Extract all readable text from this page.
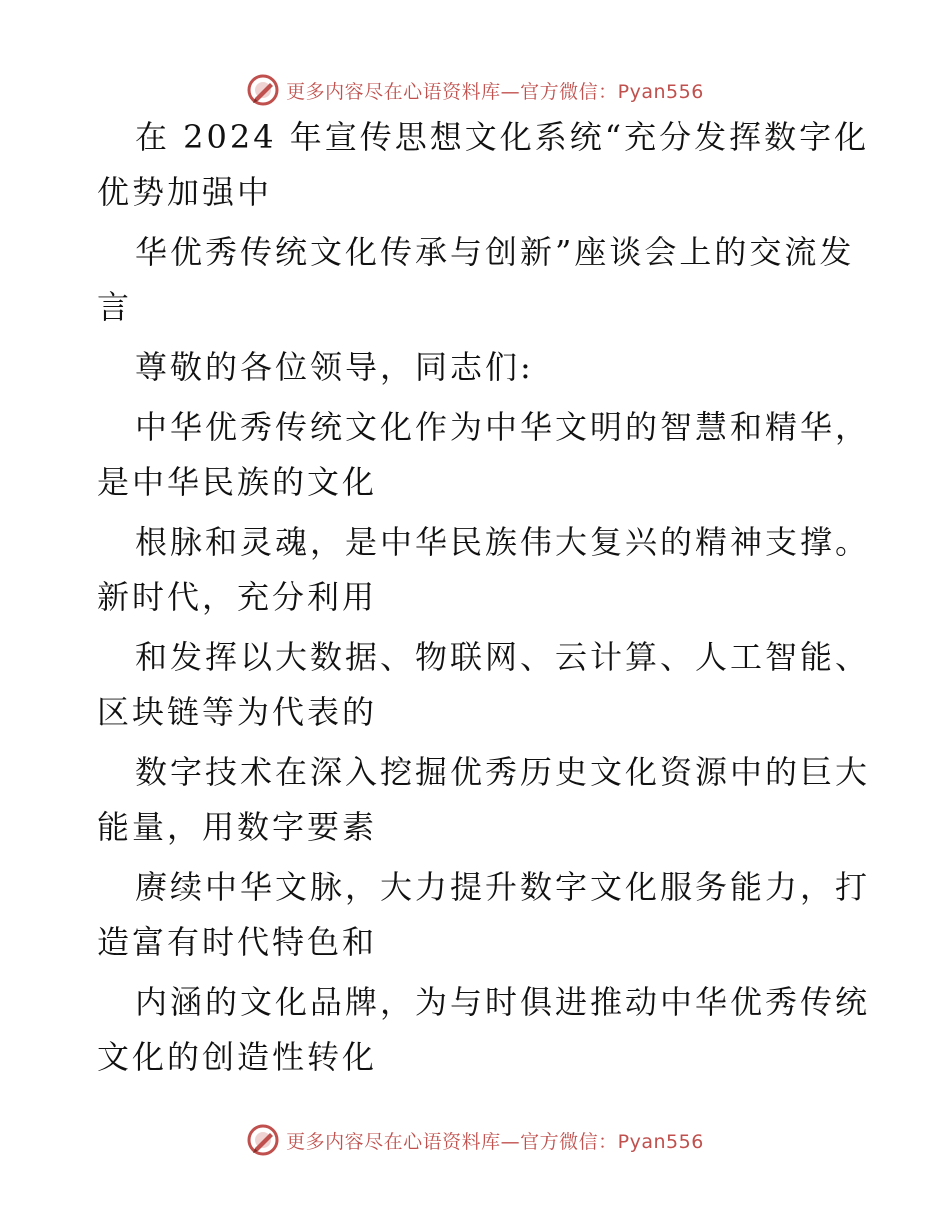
更多内容尽在心语资料库—官方微信：Pyan556

在 2024 年宣传思想文化系统“充分发挥数字化

优势加强中

华优秀传统文化传承与创新”座谈会上的交流发

言

尊敬的各位领导，同志们:

中华优秀传统文化作为中华文明的智慧和精华，

是中华民族的文化

根脉和灵魂，是中华民族伟大复兴的精神支撑。

新时代，充分利用

和发挥以大数据、物联网、云计算、人工智能、

区块链等为代表的

数字技术在深入挖掘优秀历史文化资源中的巨大

能量，用数字要素

赓续中华文脉，大力提升数字文化服务能力，打

造富有时代特色和

内涵的文化品牌，为与时俱进推动中华优秀传统

文化的创造性转化

更多内容尽在心语资料库—官方微信：Pyan556
